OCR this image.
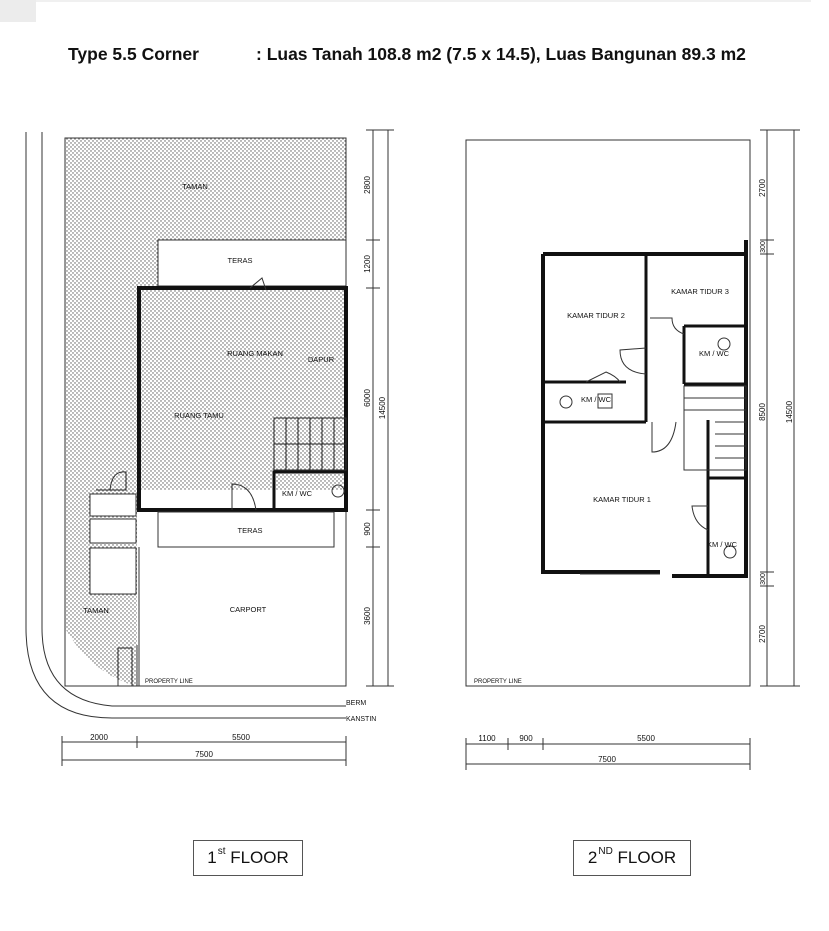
Type 5.5 Corner	: Luas Tanah 108.8 m2 (7.5 x 14.5), Luas Bangunan 89.3 m2
TAMAN
TERAS
RUANG MAKAN
DAPUR
RUANG TAMU
KM / WC
TERAS
CARPORT
TAMAN
PROPERTY LINE
BERM
KANSTIN
2800
1200
6000
900
3600
14500
2000	5500
7500
KAMAR TIDUR 2
KAMAR TIDUR 3
KM / WC
KM / WC
KAMAR TIDUR 1
KM / WC
PROPERTY LINE
2700
300
8500
300
2700
14500
1100	900	5500
7500
1st FLOOR	2ND FLOOR
